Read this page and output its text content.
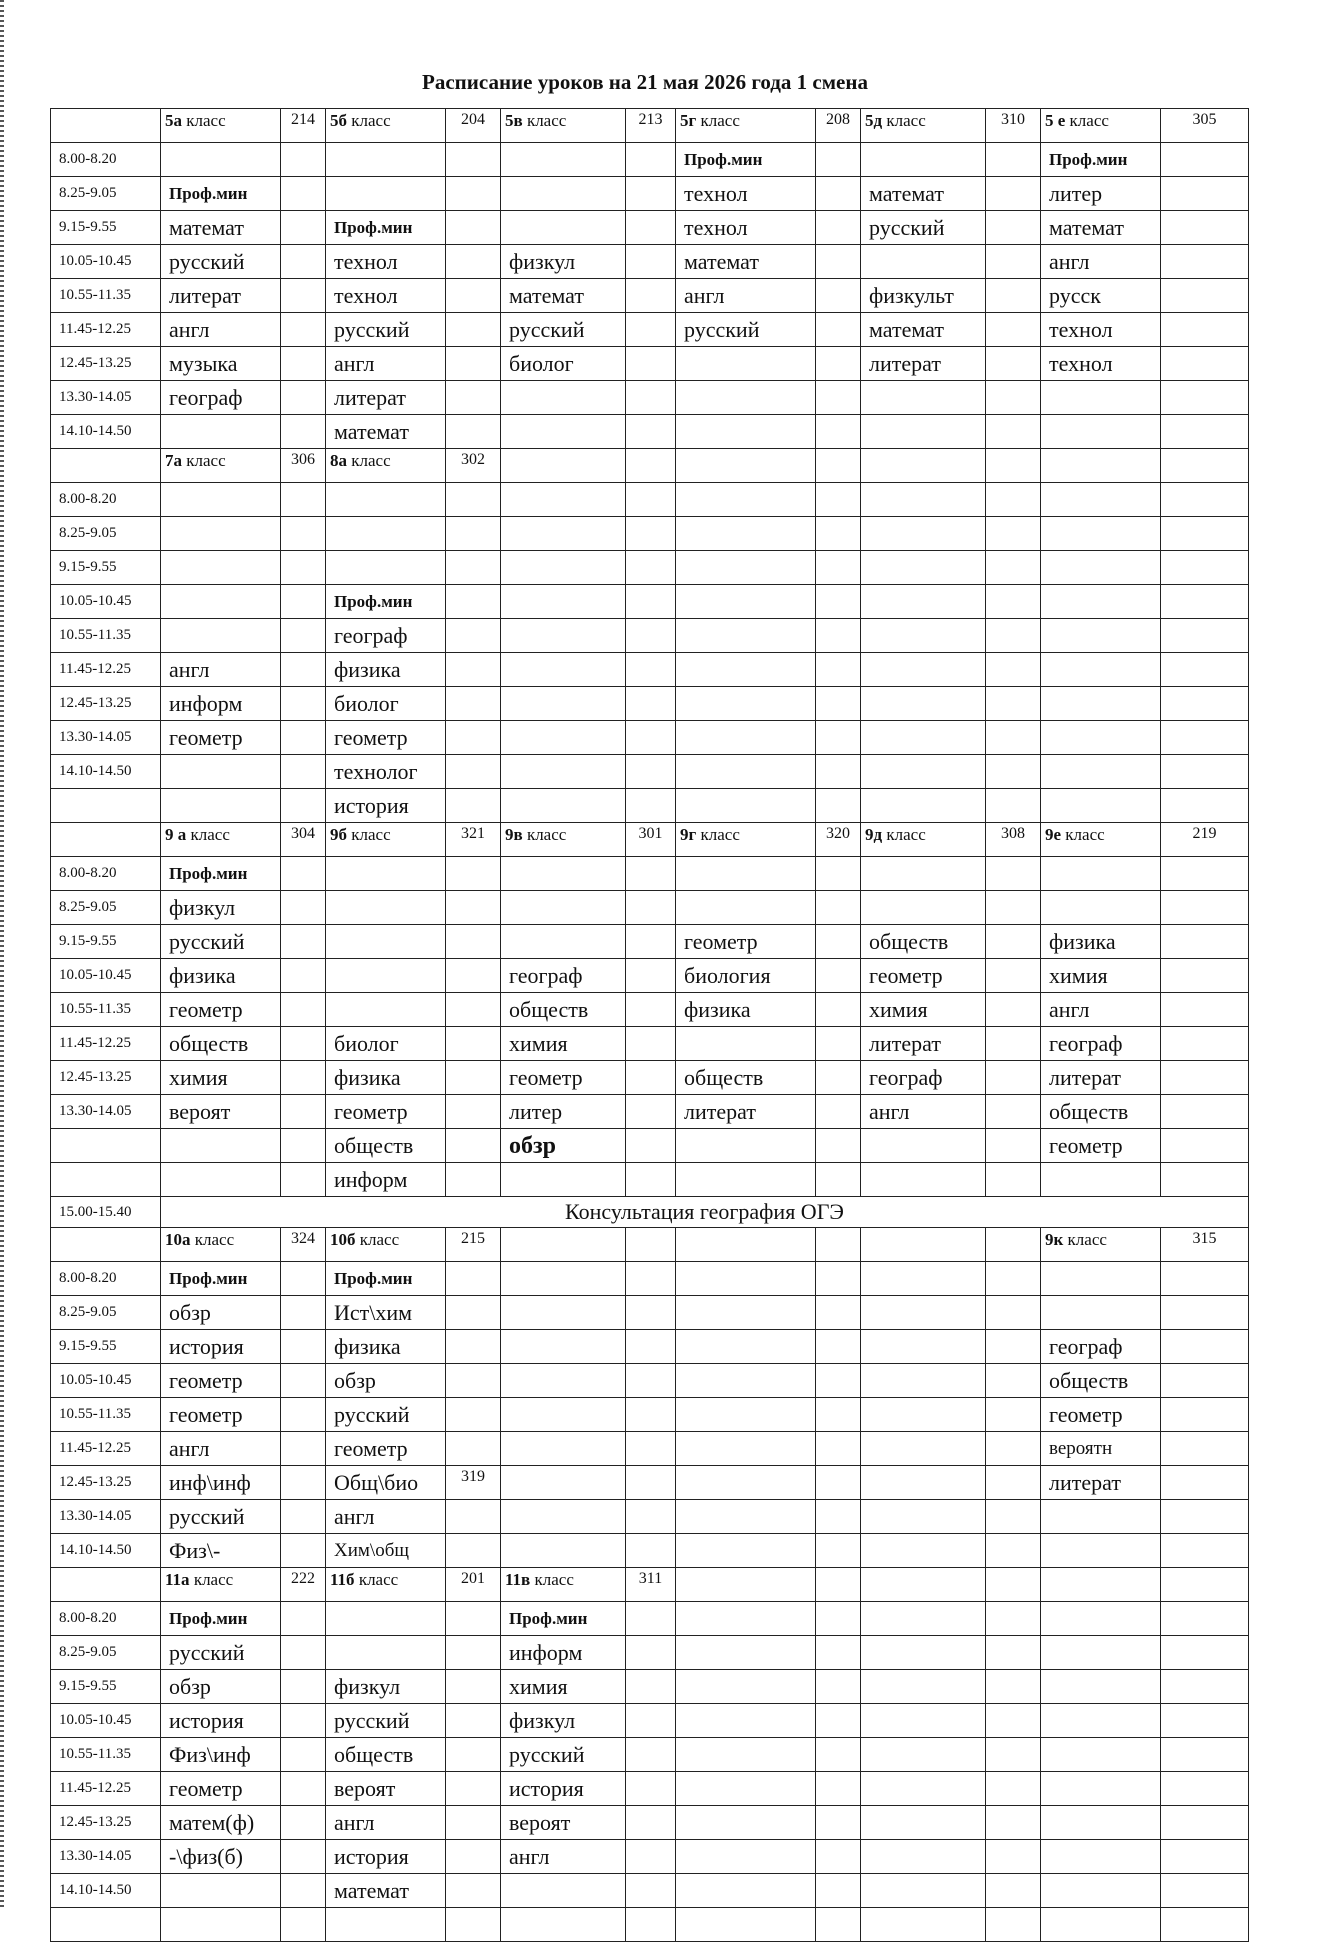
Расписание уроков на 21 мая 2026 года 1 смена
	5а класс	214	5б класс	204	5в класс	213	5г класс	208	5д класс	310	5 е класс	305
8.00-8.20							Проф.мин				Проф.мин	
8.25-9.05	Проф.мин						технол		математ		литер	
9.15-9.55	математ		Проф.мин				технол		русский		математ	
10.05-10.45	русский		технол		физкул		математ				англ	
10.55-11.35	литерат		технол		математ		англ		физкульт		русск	
11.45-12.25	англ		русский		русский		русский		математ		технол	
12.45-13.25	музыка		англ		биолог				литерат		технол	
13.30-14.05	географ		литерат									
14.10-14.50			математ									
	7а класс	306	8а класс	302								
8.00-8.20												
8.25-9.05												
9.15-9.55												
10.05-10.45			Проф.мин									
10.55-11.35			географ									
11.45-12.25	англ		физика									
12.45-13.25	информ		биолог									
13.30-14.05	геометр		геометр									
14.10-14.50			технолог									
			история									
	9 а класс	304	9б класс	321	9в класс	301	9г класс	320	9д класс	308	9е класс	219
8.00-8.20	Проф.мин											
8.25-9.05	физкул											
9.15-9.55	русский						геометр		обществ		физика	
10.05-10.45	физика				географ		биология		геометр		химия	
10.55-11.35	геометр				обществ		физика		химия		англ	
11.45-12.25	обществ		биолог		химия				литерат		географ	
12.45-13.25	химия		физика		геометр		обществ		географ		литерат	
13.30-14.05	вероят		геометр		литер		литерат		англ		обществ	
			обществ		обзр						геометр	
			информ									
15.00-15.40	Консультация география ОГЭ											
	10а класс	324	10б класс	215							9к класс	315
8.00-8.20	Проф.мин		Проф.мин									
8.25-9.05	обзр		Ист\хим									
9.15-9.55	история		физика								географ	
10.05-10.45	геометр		обзр								обществ	
10.55-11.35	геометр		русский								геометр	
11.45-12.25	англ		геометр								вероятн	
12.45-13.25	инф\инф		Общ\био	319							литерат	
13.30-14.05	русский		англ									
14.10-14.50	Физ\-		Хим\общ									
	11а класс	222	11б класс	201	11в класс	311						
8.00-8.20	Проф.мин				Проф.мин							
8.25-9.05	русский				информ							
9.15-9.55	обзр		физкул		химия							
10.05-10.45	история		русский		физкул							
10.55-11.35	Физ\инф		обществ		русский							
11.45-12.25	геометр		вероят		история							
12.45-13.25	матем(ф)		англ		вероят							
13.30-14.05	-\физ(б)		история		англ							
14.10-14.50			математ									
